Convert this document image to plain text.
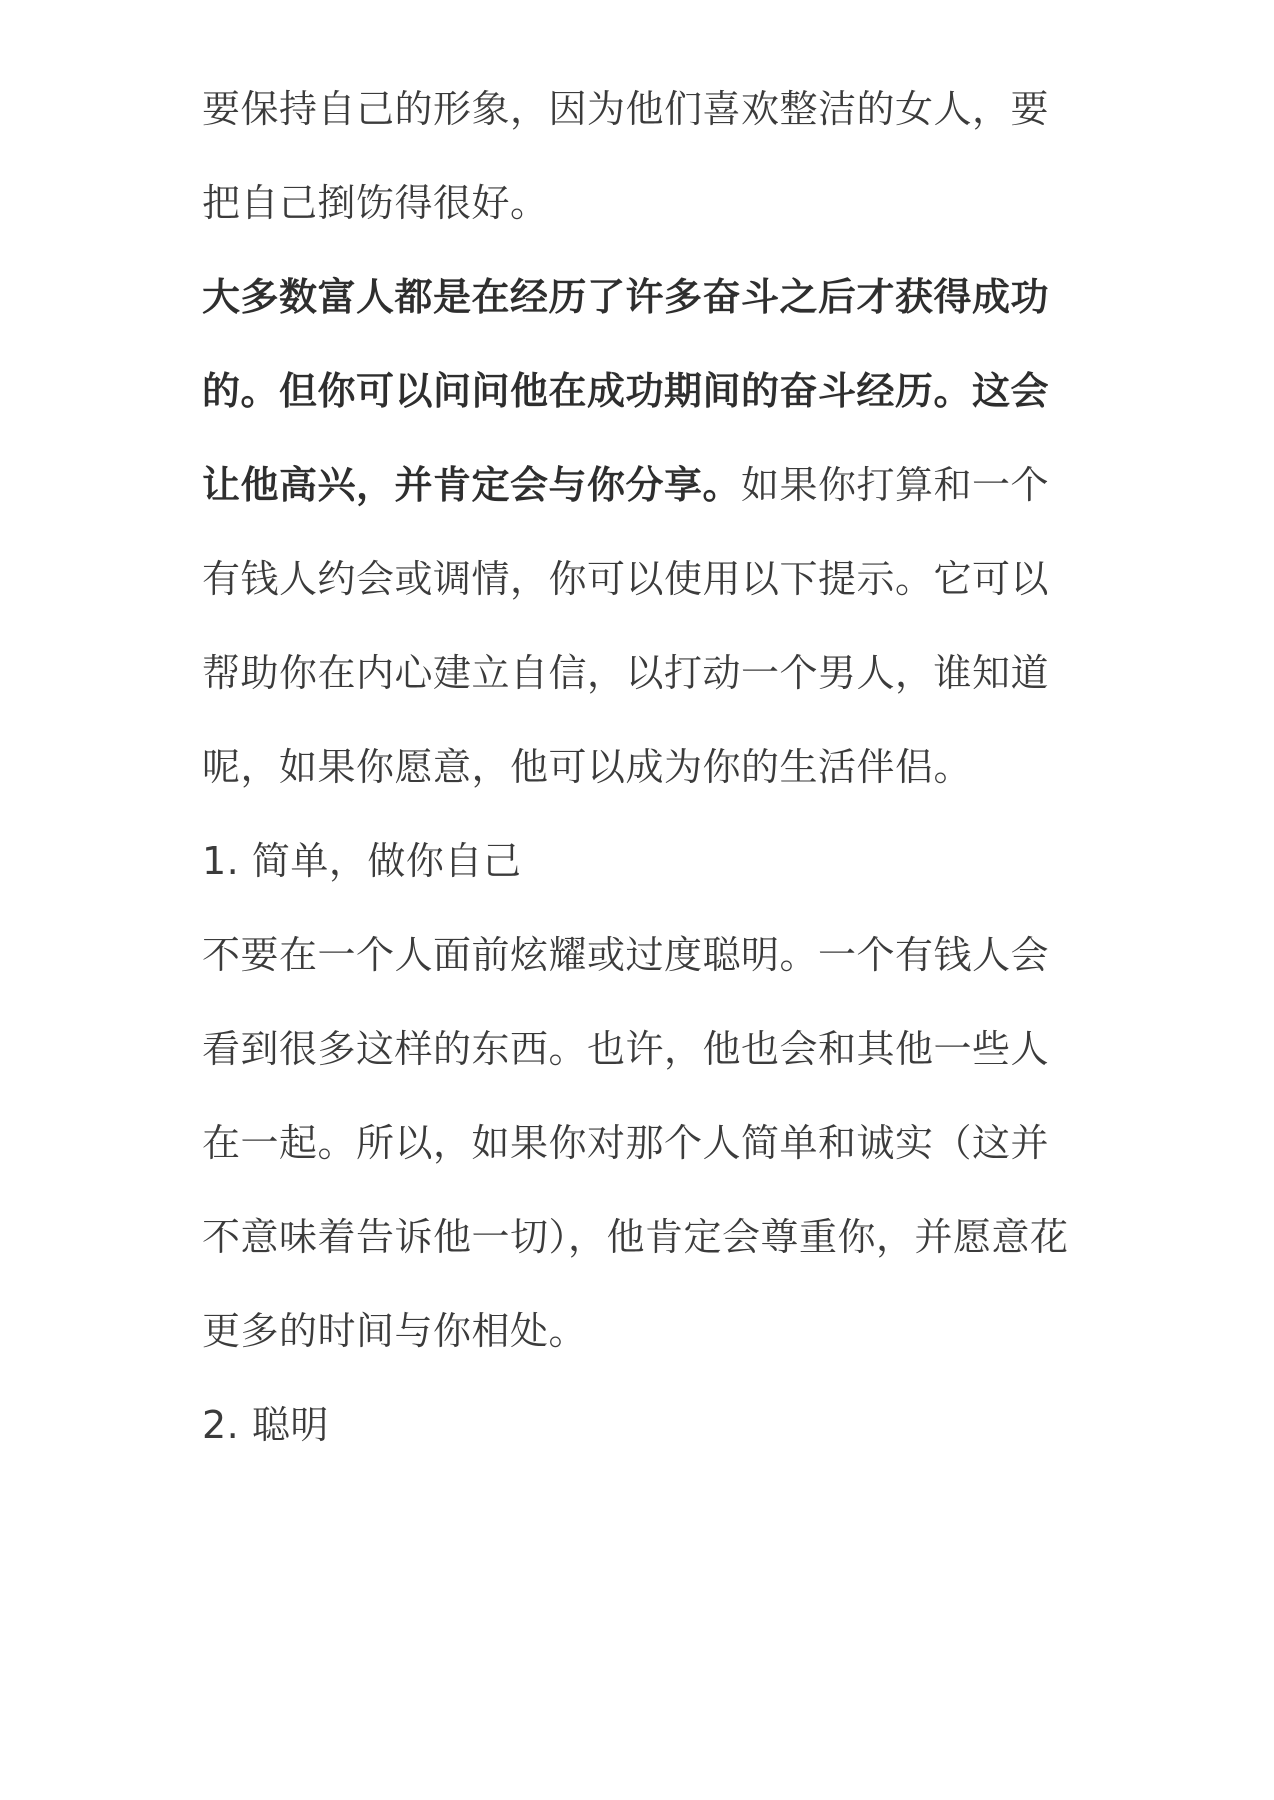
要保持自己的形象，因为他们喜欢整洁的女人，要把自己捯饬得很好。

大多数富人都是在经历了许多奋斗之后才获得成功的。但你可以问问他在成功期间的奋斗经历。这会让他高兴，并肯定会与你分享。如果你打算和一个有钱人约会或调情，你可以使用以下提示。它可以帮助你在内心建立自信，以打动一个男人，谁知道呢，如果你愿意，他可以成为你的生活伴侣。

1. 简单，做你自己

不要在一个人面前炫耀或过度聪明。一个有钱人会看到很多这样的东西。也许，他也会和其他一些人在一起。所以，如果你对那个人简单和诚实（这并不意味着告诉他一切），他肯定会尊重你，并愿意花更多的时间与你相处。

2. 聪明
